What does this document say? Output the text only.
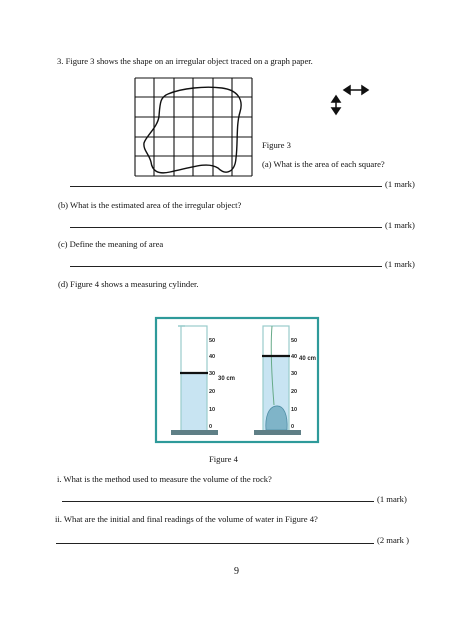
3. Figure 3 shows the shape on an irregular object traced on a graph paper.
Figure 3
(a) What is the area of each square?
(1 mark)
(b) What is the estimated area of the irregular object?
(1 mark)
(c) Define the meaning of area
(1 mark)
(d) Figure 4 shows a measuring cylinder.
50
40
30
20
10
0
50
40
30
20
10
0
30 cm
40 cm
Figure 4
i. What is the method used to measure the volume of the rock?
(1 mark)
ii. What are the initial and final readings of the volume of water in Figure 4?
(2 mark )
9
